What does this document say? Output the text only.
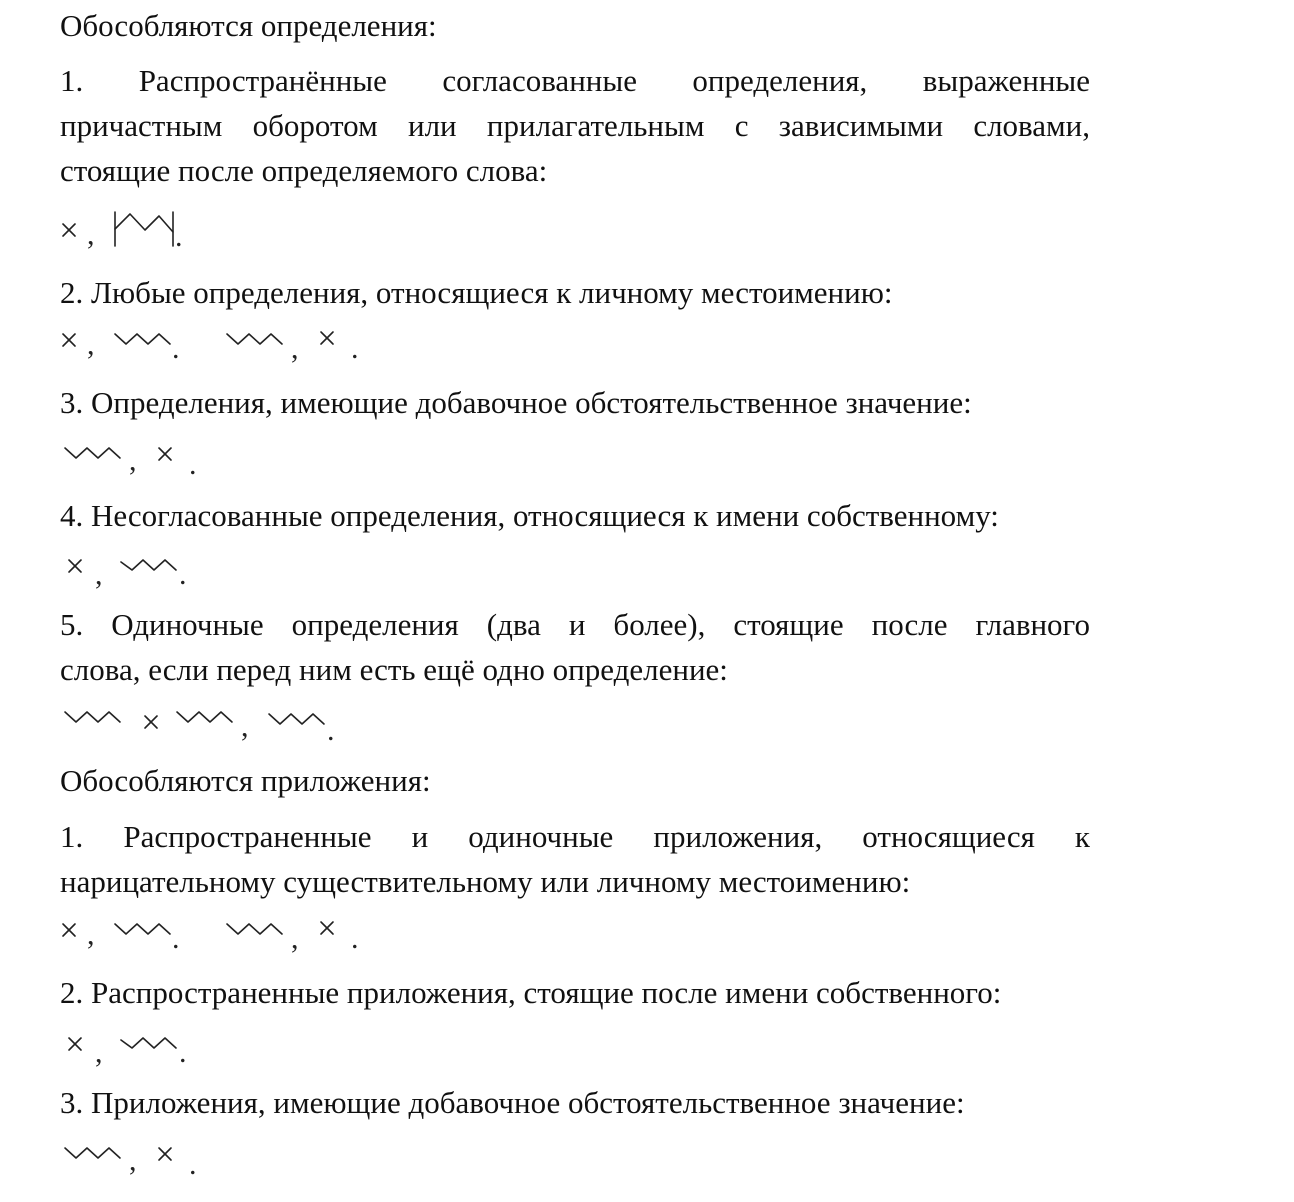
Обособляются определения:
1. Распространённые согласованные определения, выраженные
причастным оборотом или прилагательным с зависимыми словами,
стоящие после определяемого слова:
,	.
2. Любые определения, относящиеся к личному местоимению:
,	.	, .
3. Определения, имеющие добавочное обстоятельственное значение:
, .
4. Несогласованные определения, относящиеся к имени собственному:
,	.
5. Одиночные определения (два и более), стоящие после главного
слова, если перед ним есть ещё одно определение:
,	.
Обособляются приложения:
1. Распространенные и одиночные приложения, относящиеся к
нарицательному существительному или личному местоимению:
,	.	, .
2. Распространенные приложения, стоящие после имени собственного:
,	.
3. Приложения, имеющие добавочное обстоятельственное значение:
, .
